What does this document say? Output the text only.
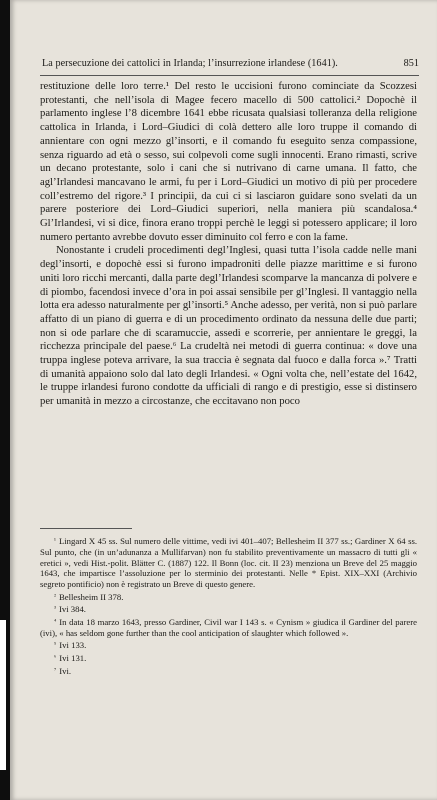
La persecuzione dei cattolici in Irlanda; l’insurrezione irlandese (1641).	851

restituzione delle loro terre.¹ Del resto le uccisioni furono cominciate da Scozzesi protestanti, che nell’isola di Magee fecero macello di 500 cattolici.² Dopochè il parlamento inglese l’8 dicembre 1641 ebbe ricusata qualsiasi tolleranza della religione cattolica in Irlanda, i Lord–Giudici di colà dettero alle loro truppe il comando di annientare con ogni mezzo gl’insorti, e il comando fu eseguito senza compassione, senza riguardo ad età o sesso, sui colpevoli come sugli innocenti. Erano rimasti, scrive un decano protestante, solo i cani che si nutrivano di carne umana. Il fatto, che agl’Irlandesi mancavano le armi, fu per i Lord–Giudici un motivo di più per procedere coll’estremo del rigore.³ I principii, da cui ci si lasciaron guidare sono svelati da un parere posteriore dei Lord–Giudici superiori, nella maniera più scandalosa.⁴ Gl’Irlandesi, vi si dice, finora erano troppi perchè le leggi si potessero applicare; il loro numero pertanto avrebbe dovuto esser diminuito col ferro e con la fame.

Nonostante i crudeli procedimenti degl’Inglesi, quasi tutta l’isola cadde nelle mani degl’insorti, e dopochè essi si furono impadroniti delle piazze marittime e si furono uniti loro ricchi mercanti, dalla parte degl’Irlandesi scomparve la mancanza di polvere e di piombo, facendosi invece d’ora in poi assai sensibile per gl’Inglesi. Il vantaggio nella lotta era adesso naturalmente per gl’insorti.⁵ Anche adesso, per verità, non si può parlare affatto di un piano di guerra e di un procedimento ordinato da nessuna delle due parti; non si ode parlare che di scaramuccie, assedi e scorrerie, per annientare le greggi, la ricchezza principale del paese.⁶ La crudeltà nei metodi di guerra continua: « dove una truppa inglese poteva arrivare, la sua traccia è segnata dal fuoco e dalla forca ».⁷ Tratti di umanità appaiono solo dal lato degli Irlandesi. « Ogni volta che, nell’estate del 1642, le truppe irlandesi furono condotte da ufficiali di rango e di prestigio, esse si distinsero per umanità in mezzo a circostanze, che eccitavano non poco

$^{^1}$ Lingard X 45 ss. Sul numero delle vittime, vedi ivi 401–407; Bellesheim II 377 ss.; Gardiner X 64 ss. Sul punto, che (in un’adunanza a Mullifarvan) non fu stabilito preventivamente un massacro di tutti gli « eretici », vedi Hist.-polit. Blätter C. (1887) 122. Il Bonn (loc. cit. II 23) menziona un Breve del 25 maggio 1643, che impartisce l’assoluzione per lo sterminio dei protestanti. Nelle * Epist. XIX–XXI (Archivio segreto pontificio) non è registrato un Breve di questo genere.

$^{^2}$ Bellesheim II 378.

$^{^3}$ Ivi 384.

$^{^4}$ In data 18 marzo 1643, presso Gardiner, Civil war I 143 s. « Cynism » giudica il Gardiner del parere (ivi), « has seldom gone further than the cool anticipation of slaughter which followed ».

$^{^5}$ Ivi 133.

$^{^6}$ Ivi 131.

$^{^7}$ Ivi.
